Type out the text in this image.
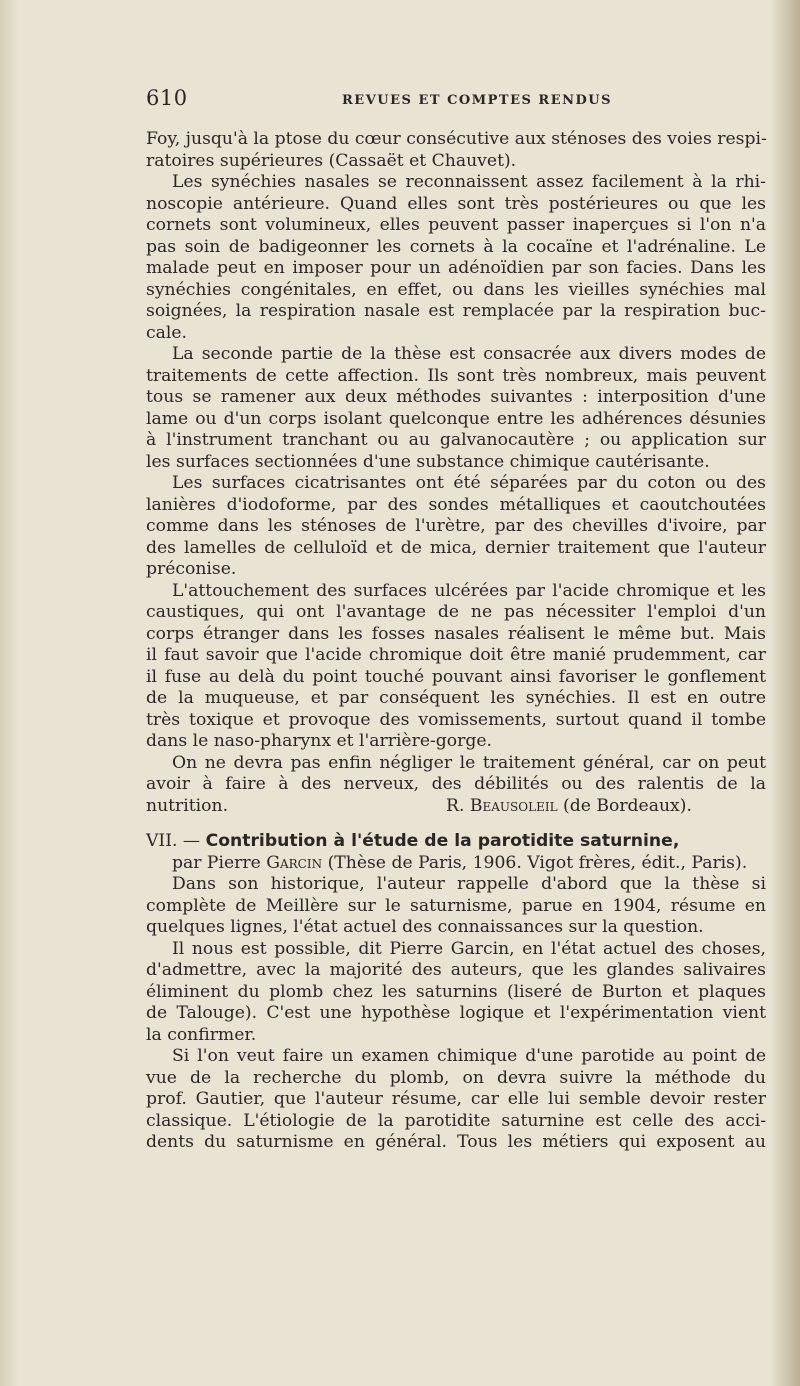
610	REVUES ET COMPTES RENDUS
Foy, jusqu'à la ptose du cœur consécutive aux sténoses des voies respi-
ratoires supérieures (Cassaët et Chauvet).
Les synéchies nasales se reconnaissent assez facilement à la rhi-
noscopie antérieure. Quand elles sont très postérieures ou que les
cornets sont volumineux, elles peuvent passer inaperçues si l'on n'a
pas soin de badigeonner les cornets à la cocaïne et l'adrénaline. Le
malade peut en imposer pour un adénoïdien par son facies. Dans les
synéchies congénitales, en effet, ou dans les vieilles synéchies mal
soignées, la respiration nasale est remplacée par la respiration buc-
cale.
La seconde partie de la thèse est consacrée aux divers modes de
traitements de cette affection. Ils sont très nombreux, mais peuvent
tous se ramener aux deux méthodes suivantes : interposition d'une
lame ou d'un corps isolant quelconque entre les adhérences désunies
à l'instrument tranchant ou au galvanocautère ; ou application sur
les surfaces sectionnées d'une substance chimique cautérisante.
Les surfaces cicatrisantes ont été séparées par du coton ou des
lanières d'iodoforme, par des sondes métalliques et caoutchoutées
comme dans les sténoses de l'urètre, par des chevilles d'ivoire, par
des lamelles de celluloïd et de mica, dernier traitement que l'auteur
préconise.
L'attouchement des surfaces ulcérées par l'acide chromique et les
caustiques, qui ont l'avantage de ne pas nécessiter l'emploi d'un
corps étranger dans les fosses nasales réalisent le même but. Mais
il faut savoir que l'acide chromique doit être manié prudemment, car
il fuse au delà du point touché pouvant ainsi favoriser le gonflement
de la muqueuse, et par conséquent les synéchies. Il est en outre
très toxique et provoque des vomissements, surtout quand il tombe
dans le naso-pharynx et l'arrière-gorge.
On ne devra pas enfin négliger le traitement général, car on peut
avoir à faire à des nerveux, des débilités ou des ralentis de la
nutrition.	R. Beausoleil (de Bordeaux).
VII. — Contribution à l'étude de la parotidite saturnine,
par Pierre Garcin (Thèse de Paris, 1906. Vigot frères, édit., Paris).
Dans son historique, l'auteur rappelle d'abord que la thèse si
complète de Meillère sur le saturnisme, parue en 1904, résume en
quelques lignes, l'état actuel des connaissances sur la question.
Il nous est possible, dit Pierre Garcin, en l'état actuel des choses,
d'admettre, avec la majorité des auteurs, que les glandes salivaires
éliminent du plomb chez les saturnins (liseré de Burton et plaques
de Talouge). C'est une hypothèse logique et l'expérimentation vient
la confirmer.
Si l'on veut faire un examen chimique d'une parotide au point de
vue de la recherche du plomb, on devra suivre la méthode du
prof. Gautier, que l'auteur résume, car elle lui semble devoir rester
classique. L'étiologie de la parotidite saturnine est celle des acci-
dents du saturnisme en général. Tous les métiers qui exposent au
